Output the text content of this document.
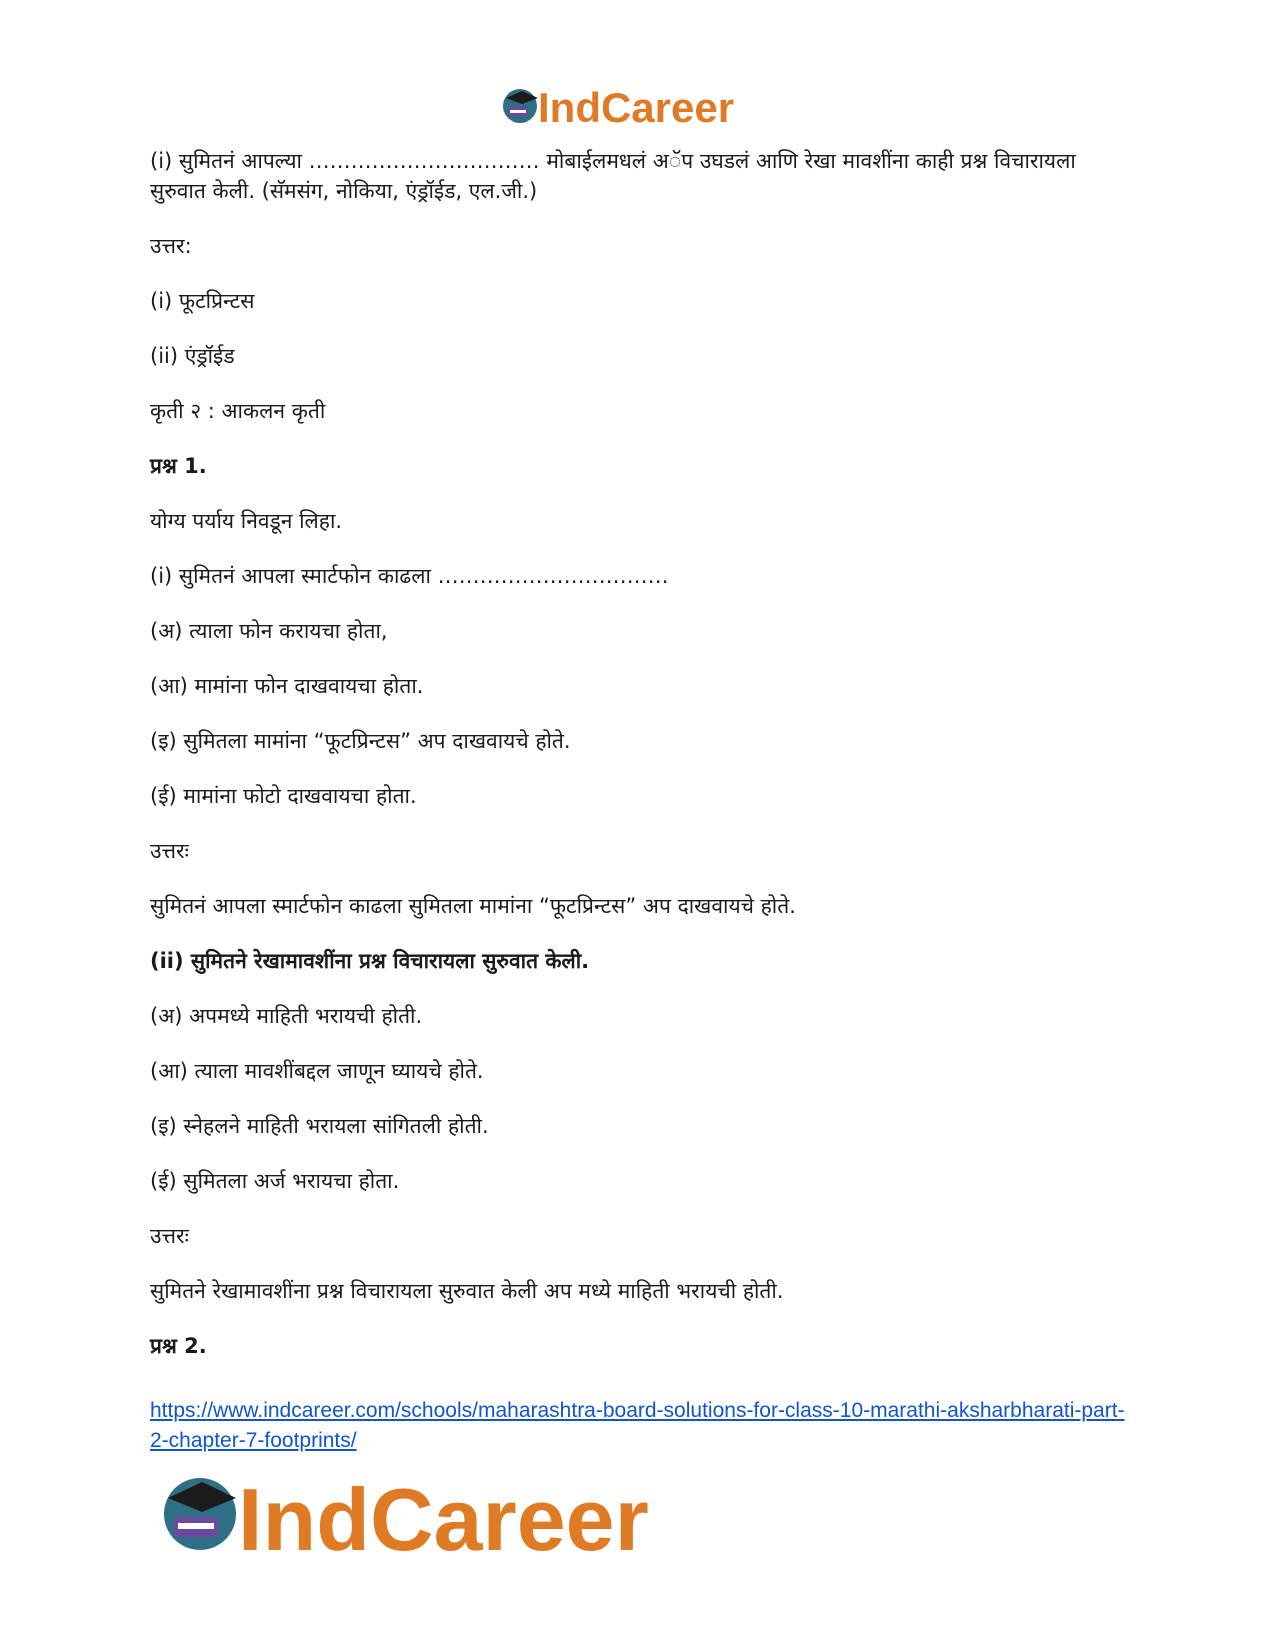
IndCareer

(i) सुमितनं आपल्या …………………………… मोबाईलमधलं अॅप उघडलं आणि रेखा मावशींना काही प्रश्न विचारायला सुरुवात केली. (सॅमसंग, नोकिया, एंड्रॉईड, एल.जी.)

उत्तर:

(i) फूटप्रिन्टस

(ii) एंड्रॉईड

कृती २ : आकलन कृती

प्रश्न 1.

योग्य पर्याय निवडून लिहा.

(i) सुमितनं आपला स्मार्टफोन काढला ……………………………

(अ) त्याला फोन करायचा होता,

(आ) मामांना फोन दाखवायचा होता.

(इ) सुमितला मामांना “फूटप्रिन्टस” अप दाखवायचे होते.

(ई) मामांना फोटो दाखवायचा होता.

उत्तरः

सुमितनं आपला स्मार्टफोन काढला सुमितला मामांना “फूटप्रिन्टस” अप दाखवायचे होते.

(ii) सुमितने रेखामावशींना प्रश्न विचारायला सुरुवात केली.

(अ) अपमध्ये माहिती भरायची होती.

(आ) त्याला मावशींबद्दल जाणून घ्यायचे होते.

(इ) स्नेहलने माहिती भरायला सांगितली होती.

(ई) सुमितला अर्ज भरायचा होता.

उत्तरः

सुमितने रेखामावशींना प्रश्न विचारायला सुरुवात केली अप मध्ये माहिती भरायची होती.

प्रश्न 2.

https://www.indcareer.com/schools/maharashtra-board-solutions-for-class-10-marathi-aksharbharati-part-2-chapter-7-footprints/
IndCareer
